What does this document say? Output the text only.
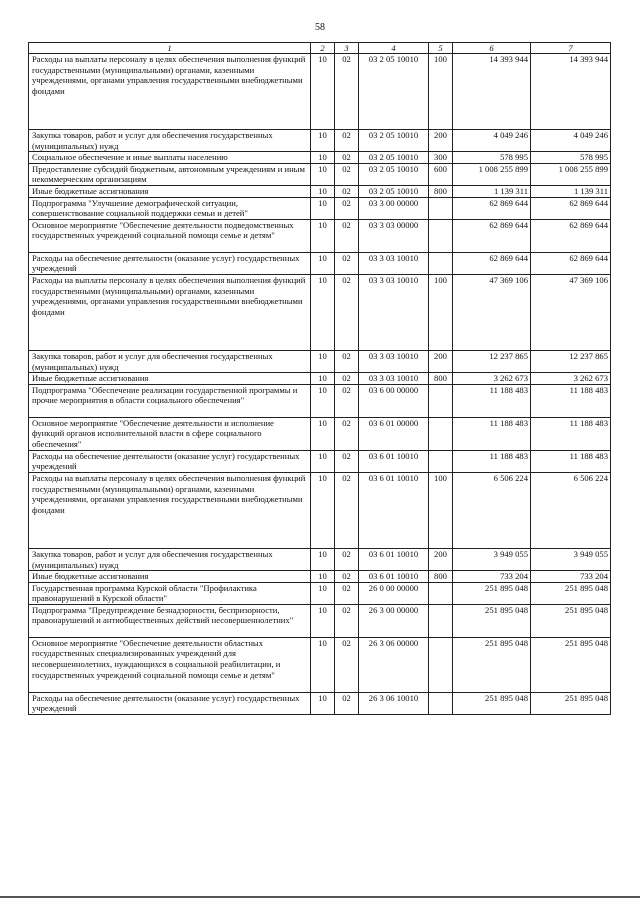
58
1	2	3	4	5	6	7
Расходы на выплаты персоналу в целях обеспечения выполнения функций государственными (муниципальными) органами, казенными учреждениями, органами управления государственными внебюджетными фондами	10	02	03 2 05 10010	100	14 393 944	14 393 944
Закупка товаров, работ и услуг для обеспечения государственных (муниципальных) нужд	10	02	03 2 05 10010	200	4 049 246	4 049 246
Социальное обеспечение и иные выплаты населению	10	02	03 2 05 10010	300	578 995	578 995
Предоставление субсидий бюджетным, автономным учреждениям и иным некоммерческим организациям	10	02	03 2 05 10010	600	1 008 255 899	1 008 255 899
Иные бюджетные ассигнования	10	02	03 2 05 10010	800	1 139 311	1 139 311
Подпрограмма "Улучшение демографической ситуации, совершенствование социальной поддержки семьи и детей"	10	02	03 3 00 00000		62 869 644	62 869 644
Основное мероприятие "Обеспечение деятельности подведомственных государственных учреждений социальной помощи семье и детям"	10	02	03 3 03 00000		62 869 644	62 869 644
Расходы на обеспечение деятельности (оказание услуг) государственных учреждений	10	02	03 3 03 10010		62 869 644	62 869 644
Расходы на выплаты персоналу в целях обеспечения выполнения функций государственными (муниципальными) органами, казенными учреждениями, органами управления государственными внебюджетными фондами	10	02	03 3 03 10010	100	47 369 106	47 369 106
Закупка товаров, работ и услуг для обеспечения государственных (муниципальных) нужд	10	02	03 3 03 10010	200	12 237 865	12 237 865
Иные бюджетные ассигнования	10	02	03 3 03 10010	800	3 262 673	3 262 673
Подпрограмма "Обеспечение реализации государственной программы и прочие мероприятия в области социального обеспечения"	10	02	03 6 00 00000		11 188 483	11 188 483
Основное мероприятие "Обеспечение деятельности и исполнение функций органов исполнительной власти в сфере социального обеспечения"	10	02	03 6 01 00000		11 188 483	11 188 483
Расходы на обеспечение деятельности (оказание услуг) государственных учреждений	10	02	03 6 01 10010		11 188 483	11 188 483
Расходы на выплаты персоналу в целях обеспечения выполнения функций государственными (муниципальными) органами, казенными учреждениями, органами управления государственными внебюджетными фондами	10	02	03 6 01 10010	100	6 506 224	6 506 224
Закупка товаров, работ и услуг для обеспечения государственных (муниципальных) нужд	10	02	03 6 01 10010	200	3 949 055	3 949 055
Иные бюджетные ассигнования	10	02	03 6 01 10010	800	733 204	733 204
Государственная программа Курской области "Профилактика правонарушений в Курской области"	10	02	26 0 00 00000		251 895 048	251 895 048
Подпрограмма "Предупреждение безнадзорности, беспризорности, правонарушений и антиобщественных действий несовершеннолетних"	10	02	26 3 00 00000		251 895 048	251 895 048
Основное мероприятие "Обеспечение деятельности областных государственных специализированных учреждений для несовершеннолетних, нуждающихся в социальной реабилитации, и государственных учреждений социальной помощи семье и детям"	10	02	26 3 06 00000		251 895 048	251 895 048
Расходы на обеспечение деятельности (оказание услуг) государственных учреждений	10	02	26 3 06 10010		251 895 048	251 895 048
